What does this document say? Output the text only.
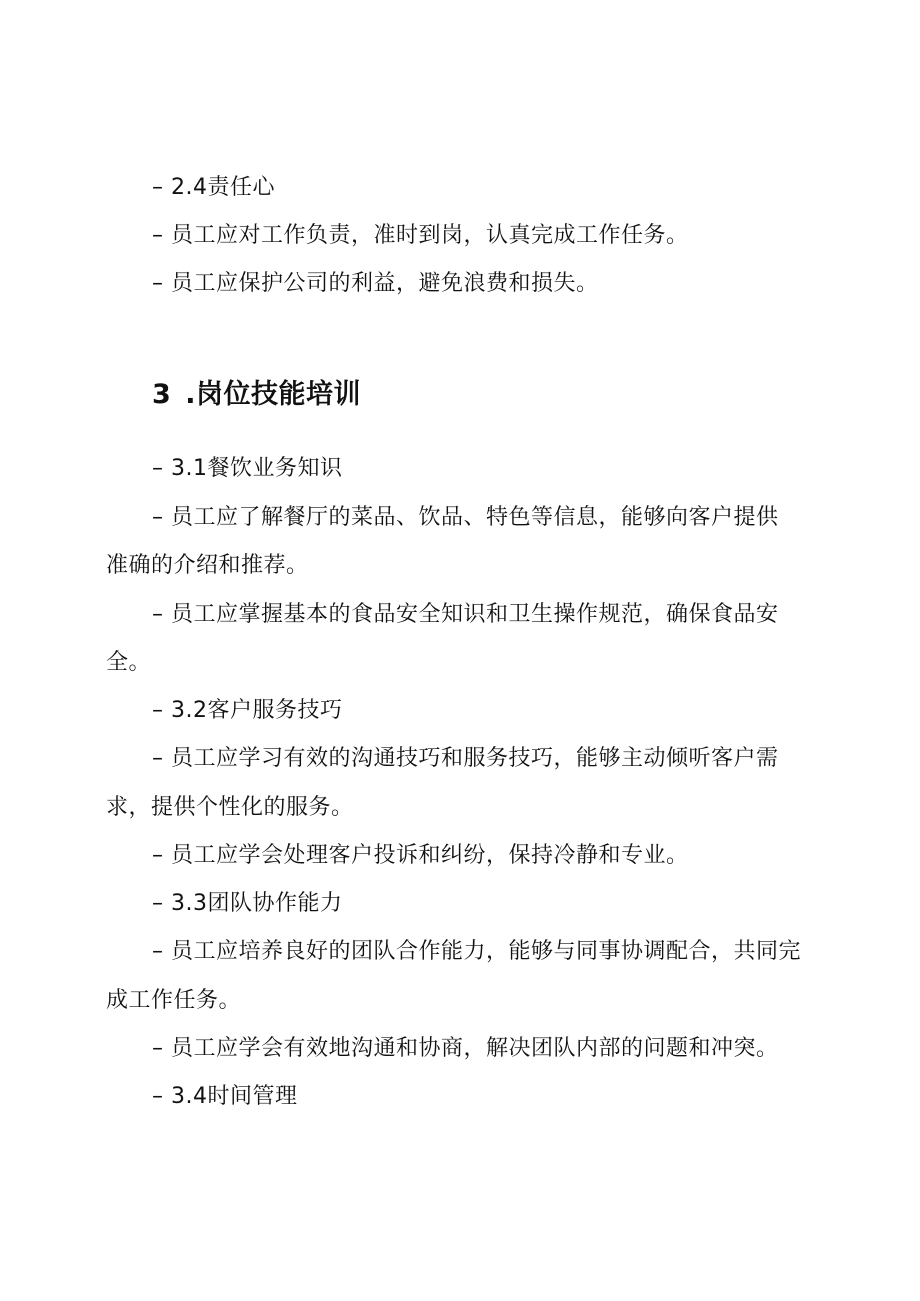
– 2.4责任心
– 员工应对工作负责，准时到岗，认真完成工作任务。
– 员工应保护公司的利益，避免浪费和损失。
3 .岗位技能培训
– 3.1餐饮业务知识
– 员工应了解餐厅的菜品、饮品、特色等信息，能够向客户提供
准确的介绍和推荐。
– 员工应掌握基本的食品安全知识和卫生操作规范，确保食品安
全。
– 3.2客户服务技巧
– 员工应学习有效的沟通技巧和服务技巧，能够主动倾听客户需
求，提供个性化的服务。
– 员工应学会处理客户投诉和纠纷，保持冷静和专业。
– 3.3团队协作能力
– 员工应培养良好的团队合作能力，能够与同事协调配合，共同完
成工作任务。
– 员工应学会有效地沟通和协商，解决团队内部的问题和冲突。
– 3.4时间管理
